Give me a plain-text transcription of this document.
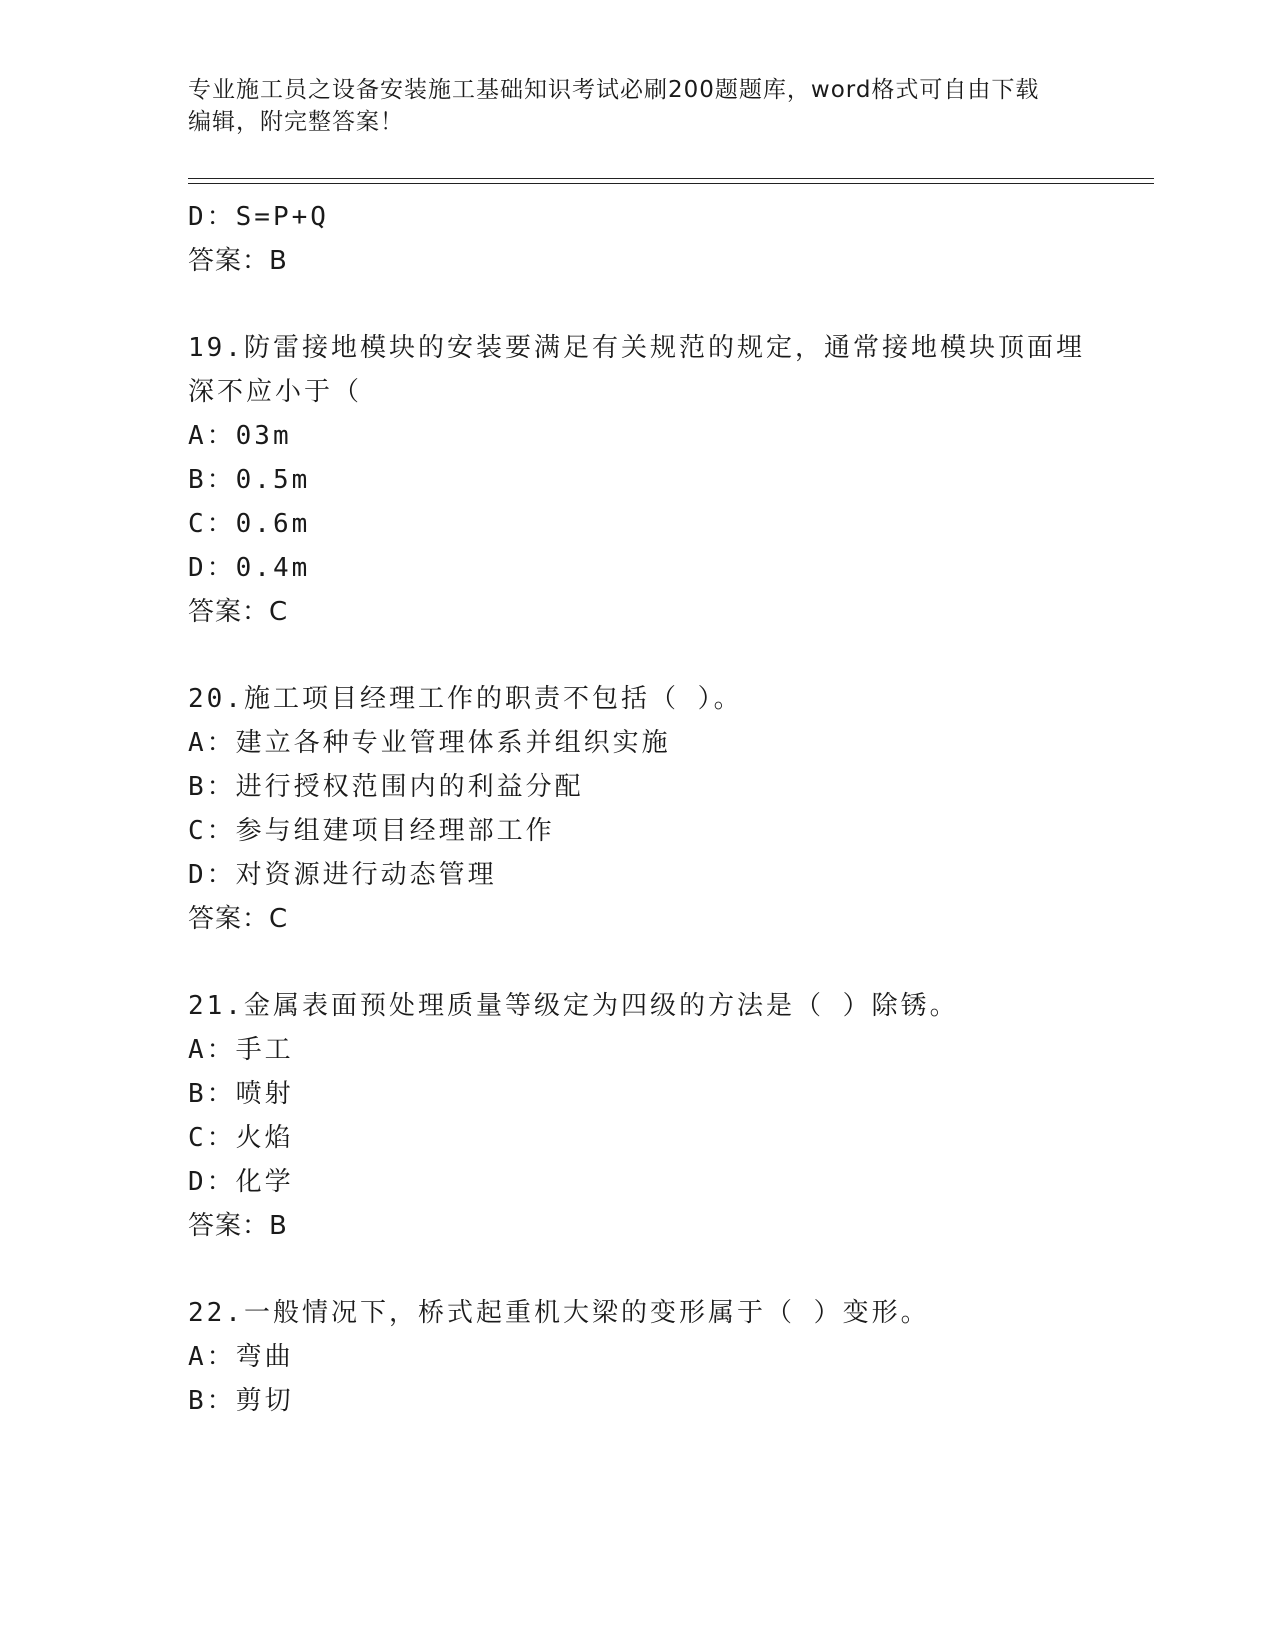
专业施工员之设备安装施工基础知识考试必刷200题题库，word格式可自由下载
编辑，附完整答案！
D：S=P+Q
答案：B
19.防雷接地模块的安装要满足有关规范的规定，通常接地模块顶面埋
深不应小于（
A：03m
B：0.5m
C：0.6m
D：0.4m
答案：C
20.施工项目经理工作的职责不包括（ ）。
A：建立各种专业管理体系并组织实施
B：进行授权范围内的利益分配
C：参与组建项目经理部工作
D：对资源进行动态管理
答案：C
21.金属表面预处理质量等级定为四级的方法是（ ）除锈。
A：手工
B：喷射
C：火焰
D：化学
答案：B
22.一般情况下，桥式起重机大梁的变形属于（ ）变形。
A：弯曲
B：剪切
